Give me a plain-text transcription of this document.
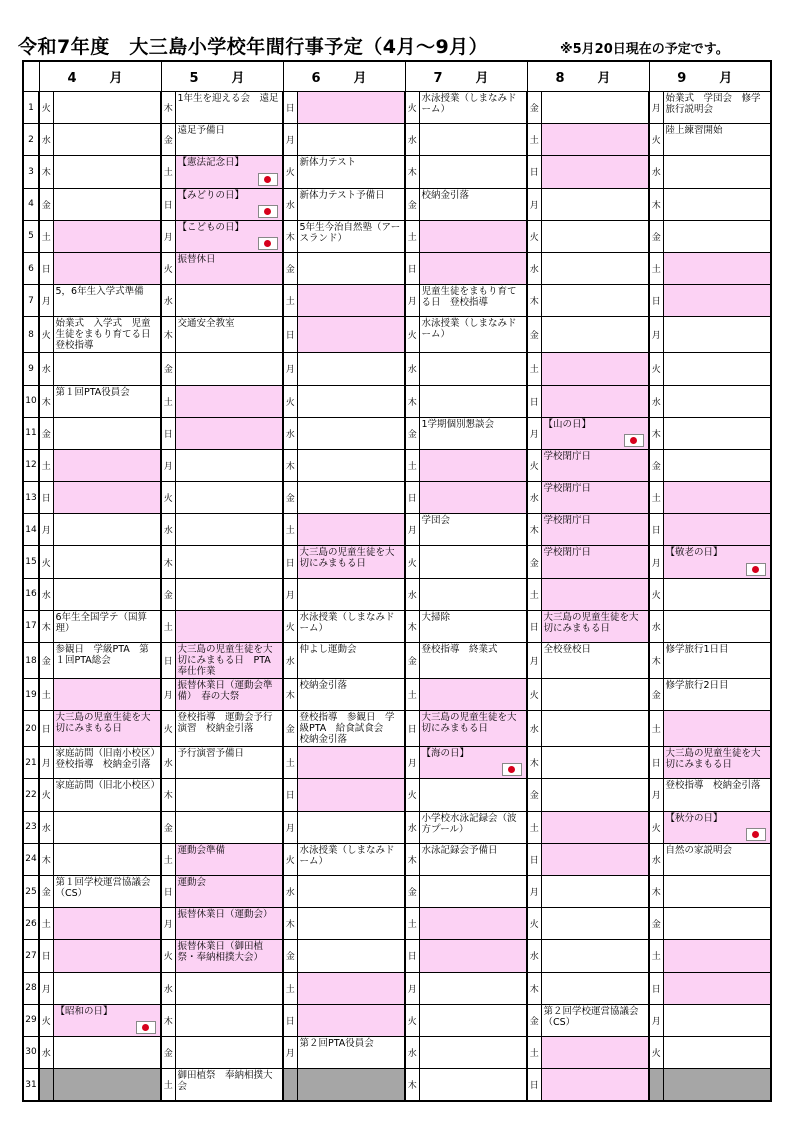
令和7年度　大三島小学校年間行事予定（4月～9月）	※5月20日現在の予定です。
	4　月		5　月		6　月		7　月		8　月		9　月	
1	火		木	1年生を迎える会　遠足	日		火	水泳授業（しまなみドーム）	金		月	始業式　学団会　修学旅行説明会
2	水		金	遠足予備日	月		水		土		火	陸上練習開始
3	木		土	【憲法記念日】	火	新体力テスト	木		日		水	
4	金		日	【みどりの日】	水	新体力テスト予備日	金	校納金引落	月		木	
5	土		月	【こどもの日】	木	5年生今治自然塾（アースランド）	土		火		金	
6	日		火	振替休日	金		日		水		土	
7	月	5，6年生入学式準備	水		土		月	児童生徒をまもり育てる日　登校指導	木		日	
8	火	始業式　入学式　児童生徒をまもり育てる日　登校指導	木	交通安全教室	日		火	水泳授業（しまなみドーム）	金		月	
9	水		金		月		水		土		火	
10	木	第１回PTA役員会	土		火		木		日		水	
11	金		日		水		金	1学期個別懇談会	月	【山の日】	木	
12	土		月		木		土		火	学校閉庁日	金	
13	日		火		金		日		水	学校閉庁日	土	
14	月		水		土		月	学団会	木	学校閉庁日	日	
15	火		木		日	大三島の児童生徒を大切にみまもる日	火		金	学校閉庁日	月	【敬老の日】

16	水		金		月		水		土		火	
17	木	6年生全国学テ（国算理）	土		火	水泳授業（しまなみドーム）	木	大掃除	日	大三島の児童生徒を大切にみまもる日	水	
18	金	参観日　学級PTA　第１回PTA総会	日	大三島の児童生徒を大切にみまもる日　PTA奉仕作業	水	仲よし運動会	金	登校指導　終業式	月	全校登校日	木	修学旅行1日目
19	土		月	振替休業日（運動会準備）　春の大祭	木	校納金引落	土		火		金	修学旅行2日目
20	日	大三島の児童生徒を大切にみまもる日	火	登校指導　運動会予行演習　校納金引落	金	登校指導　参観日　学級PTA　給食試食会　校納金引落	日	大三島の児童生徒を大切にみまもる日	水		土	
21	月	家庭訪問（旧南小校区）　登校指導　校納金引落	水	予行演習予備日	土		月	【海の日】	木		日	大三島の児童生徒を大切にみまもる日
22	火	家庭訪問（旧北小校区）	木		日		火		金		月	登校指導　校納金引落
23	水		金		月		水	小学校水泳記録会（波方プール）	土		火	【秋分の日】

24	木		土	運動会準備	火	水泳授業（しまなみドーム）	木	水泳記録会予備日	日		水	自然の家説明会
25	金	第１回学校運営協議会（CS）	日	運動会	水		金		月		木	
26	土		月	振替休業日（運動会）	木		土		火		金	
27	日		火	振替休業日（御田植祭・奉納相撲大会）	金		日		水		土	
28	月		水		土		月		木		日	
29	火	【昭和の日】	木		日		火		金	第２回学校運営協議会（CS）	月	
30	水		金		月	第２回PTA役員会	水		土		火	
31			土	御田植祭　奉納相撲大会			木		日			
